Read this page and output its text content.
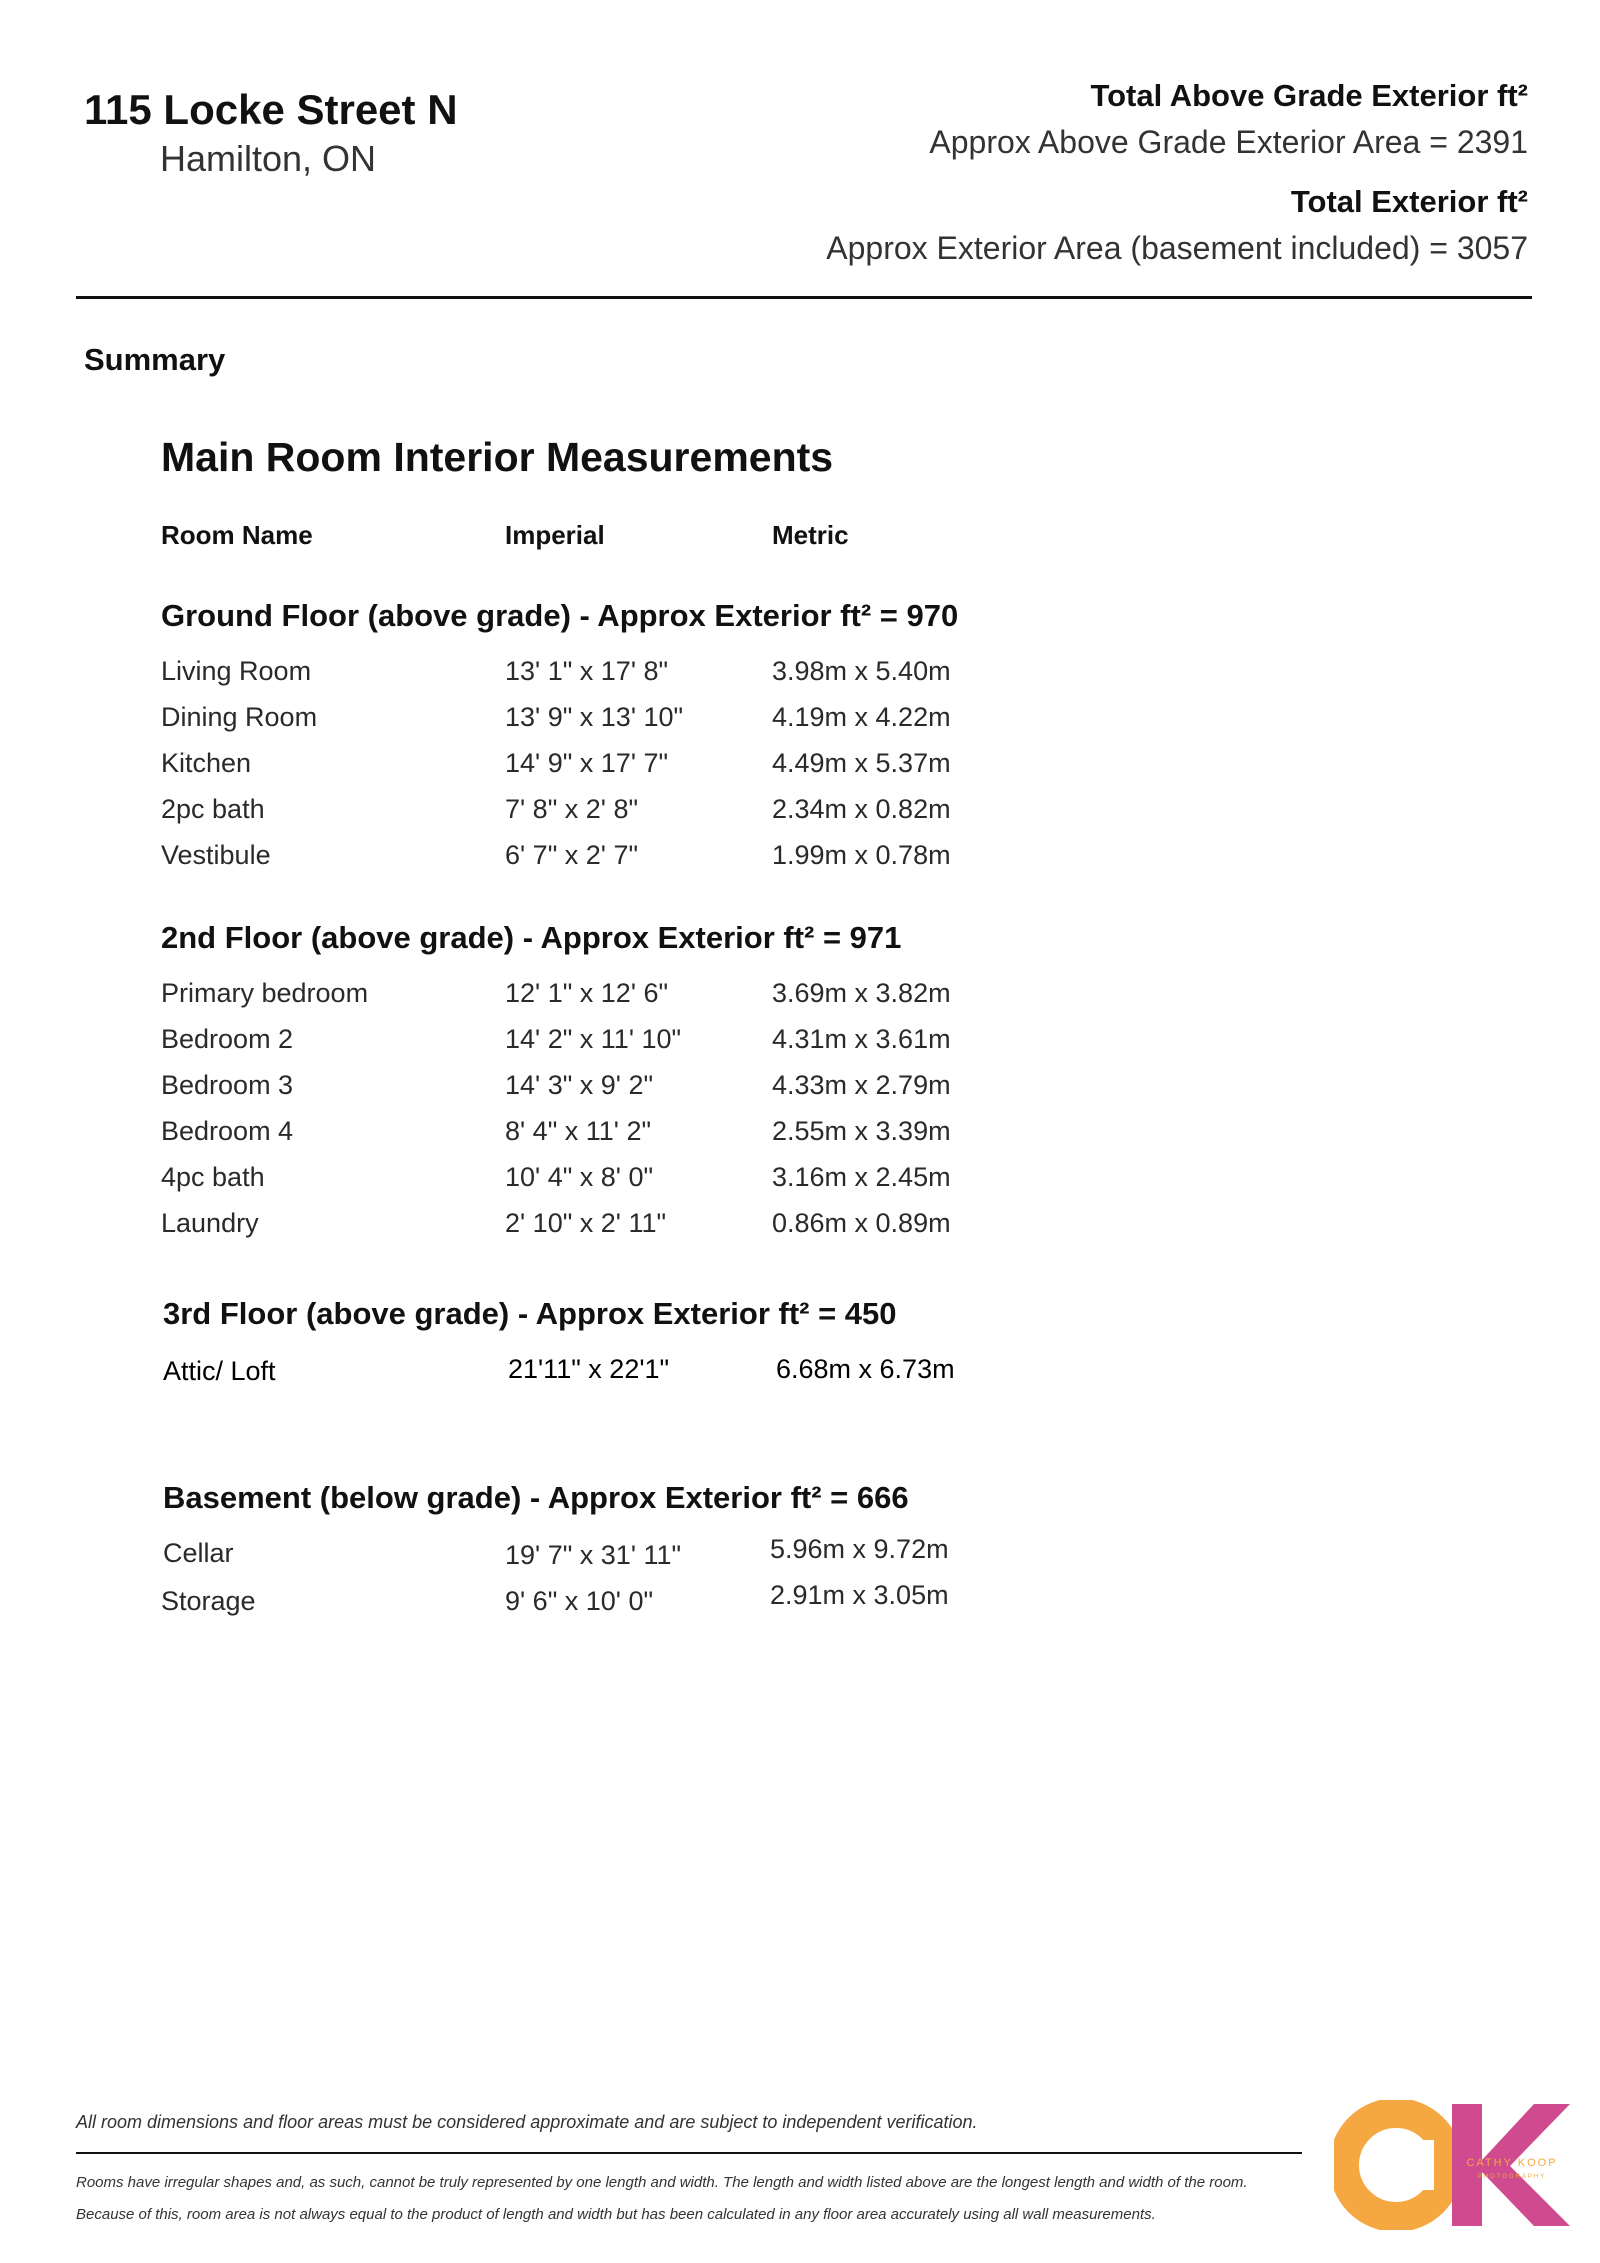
115 Locke Street N
Hamilton, ON
Total Above Grade Exterior ft²
Approx Above Grade Exterior Area = 2391
Total Exterior ft²
Approx Exterior Area (basement included) = 3057
Summary
Main Room Interior Measurements
Room Name	Imperial	Metric
Ground Floor (above grade) - Approx Exterior ft² = 970
Living Room	13' 1" x 17' 8"	3.98m x 5.40m
Dining Room	13' 9" x 13' 10"	4.19m x 4.22m
Kitchen	14' 9" x 17' 7"	4.49m x 5.37m
2pc bath	7' 8" x 2' 8"	2.34m x 0.82m
Vestibule	6' 7" x 2' 7"	1.99m x 0.78m
2nd Floor (above grade) - Approx Exterior ft² = 971
Primary bedroom	12' 1" x 12' 6"	3.69m x 3.82m
Bedroom 2	14' 2" x 11' 10"	4.31m x 3.61m
Bedroom 3	14' 3" x 9' 2"	4.33m x 2.79m
Bedroom 4	8' 4" x 11' 2"	2.55m x 3.39m
4pc bath	10' 4" x 8' 0"	3.16m x 2.45m
Laundry	2' 10" x 2' 11"	0.86m x 0.89m
3rd Floor (above grade) - Approx Exterior ft² = 450
Attic/ Loft	21'11" x 22'1"	6.68m x 6.73m
Basement (below grade) - Approx Exterior ft² = 666
Cellar	19' 7" x 31' 11"	5.96m x 9.72m
Storage	9' 6" x 10' 0"	2.91m x 3.05m
All room dimensions and floor areas must be considered approximate and are subject to independent verification.
Rooms have irregular shapes and, as such, cannot be truly represented by one length and width. The length and width listed above are the longest length and width of the room.
Because of this, room area is not always equal to the product of length and width but has been calculated in any floor area accurately using all wall measurements.
CATHY KOOP
PHOTOGRAPHY
